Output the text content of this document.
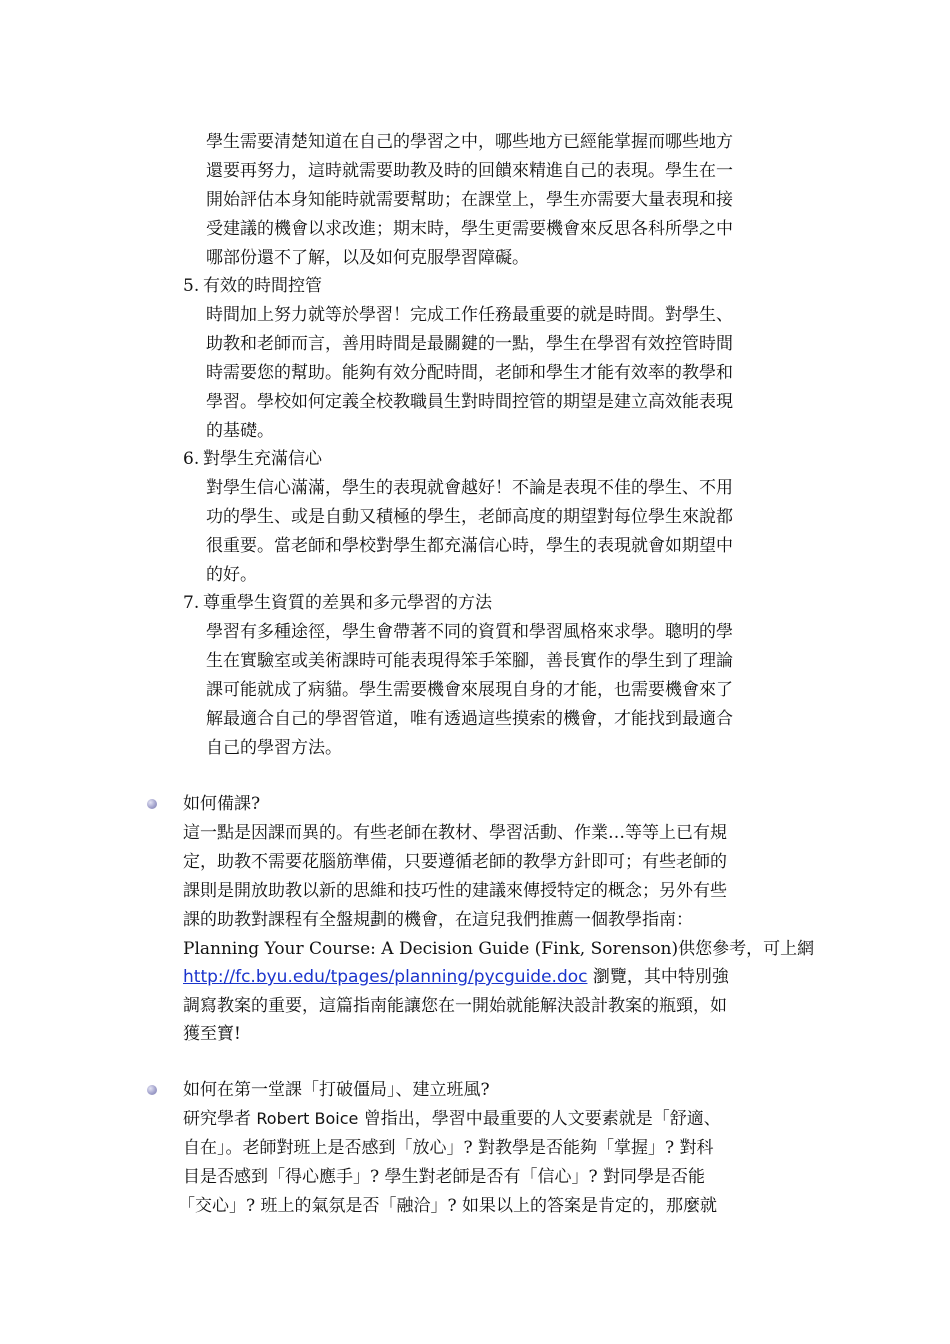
學生需要清楚知道在自己的學習之中，哪些地方已經能掌握而哪些地方
還要再努力，這時就需要助教及時的回饋來精進自己的表現。學生在一
開始評估本身知能時就需要幫助；在課堂上，學生亦需要大量表現和接
受建議的機會以求改進；期末時，學生更需要機會來反思各科所學之中
哪部份還不了解，以及如何克服學習障礙。
5. 有效的時間控管
時間加上努力就等於學習！完成工作任務最重要的就是時間。對學生、
助教和老師而言，善用時間是最關鍵的一點，學生在學習有效控管時間
時需要您的幫助。能夠有效分配時間，老師和學生才能有效率的教學和
學習。學校如何定義全校教職員生對時間控管的期望是建立高效能表現
的基礎。
6. 對學生充滿信心
對學生信心滿滿，學生的表現就會越好！不論是表現不佳的學生、不用
功的學生、或是自動又積極的學生，老師高度的期望對每位學生來說都
很重要。當老師和學校對學生都充滿信心時，學生的表現就會如期望中
的好。
7. 尊重學生資質的差異和多元學習的方法
學習有多種途徑，學生會帶著不同的資質和學習風格來求學。聰明的學
生在實驗室或美術課時可能表現得笨手笨腳，善長實作的學生到了理論
課可能就成了病貓。學生需要機會來展現自身的才能，也需要機會來了
解最適合自己的學習管道，唯有透過這些摸索的機會，才能找到最適合
自己的學習方法。
如何備課?
這一點是因課而異的。有些老師在教材、學習活動、作業…等等上已有規
定，助教不需要花腦筋準備，只要遵循老師的教學方針即可；有些老師的
課則是開放助教以新的思維和技巧性的建議來傳授特定的概念；另外有些
課的助教對課程有全盤規劃的機會，在這兒我們推薦一個教學指南：
Planning Your Course: A Decision Guide (Fink, Sorenson)供您參考，可上網
http://fc.byu.edu/tpages/planning/pycguide.doc 瀏覽，其中特別強
調寫教案的重要，這篇指南能讓您在一開始就能解決設計教案的瓶頸，如
獲至寶!
如何在第一堂課「打破僵局」、建立班風?
研究學者 Robert Boice 曾指出，學習中最重要的人文要素就是「舒適、
自在」。老師對班上是否感到「放心」? 對教學是否能夠「掌握」? 對科
目是否感到「得心應手」? 學生對老師是否有「信心」? 對同學是否能
「交心」? 班上的氣氛是否「融洽」? 如果以上的答案是肯定的，那麼就
